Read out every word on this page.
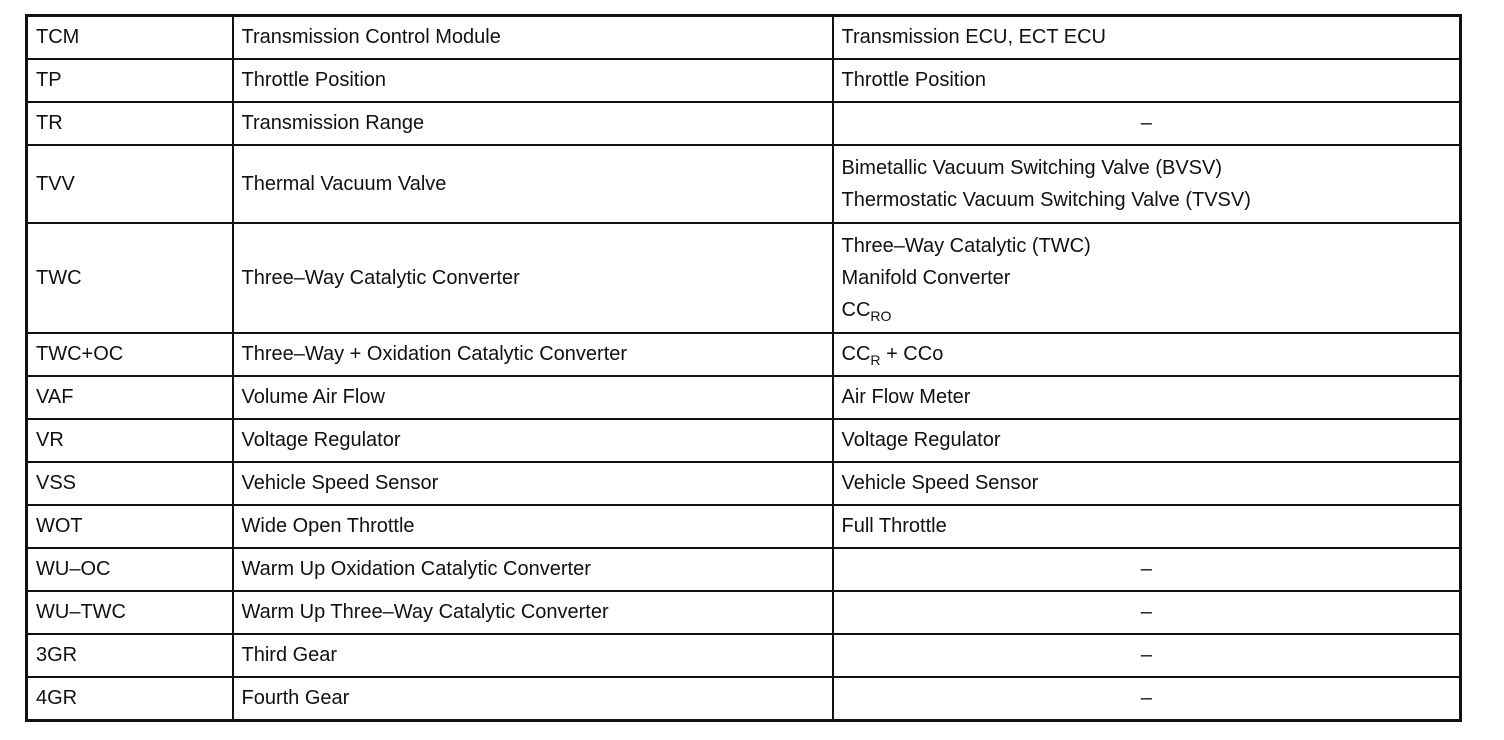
TCM	Transmission Control Module	Transmission ECU, ECT ECU
TP	Throttle Position	Throttle Position
TR	Transmission Range	–
TVV	Thermal Vacuum Valve	Bimetallic Vacuum Switching Valve (BVSV)
Thermostatic Vacuum Switching Valve (TVSV)

TWC	Three–Way Catalytic Converter	Three–Way Catalytic (TWC)
Manifold Converter
$CC_{RO}$

TWC+OC	Three–Way + Oxidation Catalytic Converter	$CC_R$ + CCo
VAF	Volume Air Flow	Air Flow Meter
VR	Voltage Regulator	Voltage Regulator
VSS	Vehicle Speed Sensor	Vehicle Speed Sensor
WOT	Wide Open Throttle	Full Throttle
WU–OC	Warm Up Oxidation Catalytic Converter	–
WU–TWC	Warm Up Three–Way Catalytic Converter	–
3GR	Third Gear	–
4GR	Fourth Gear	–
